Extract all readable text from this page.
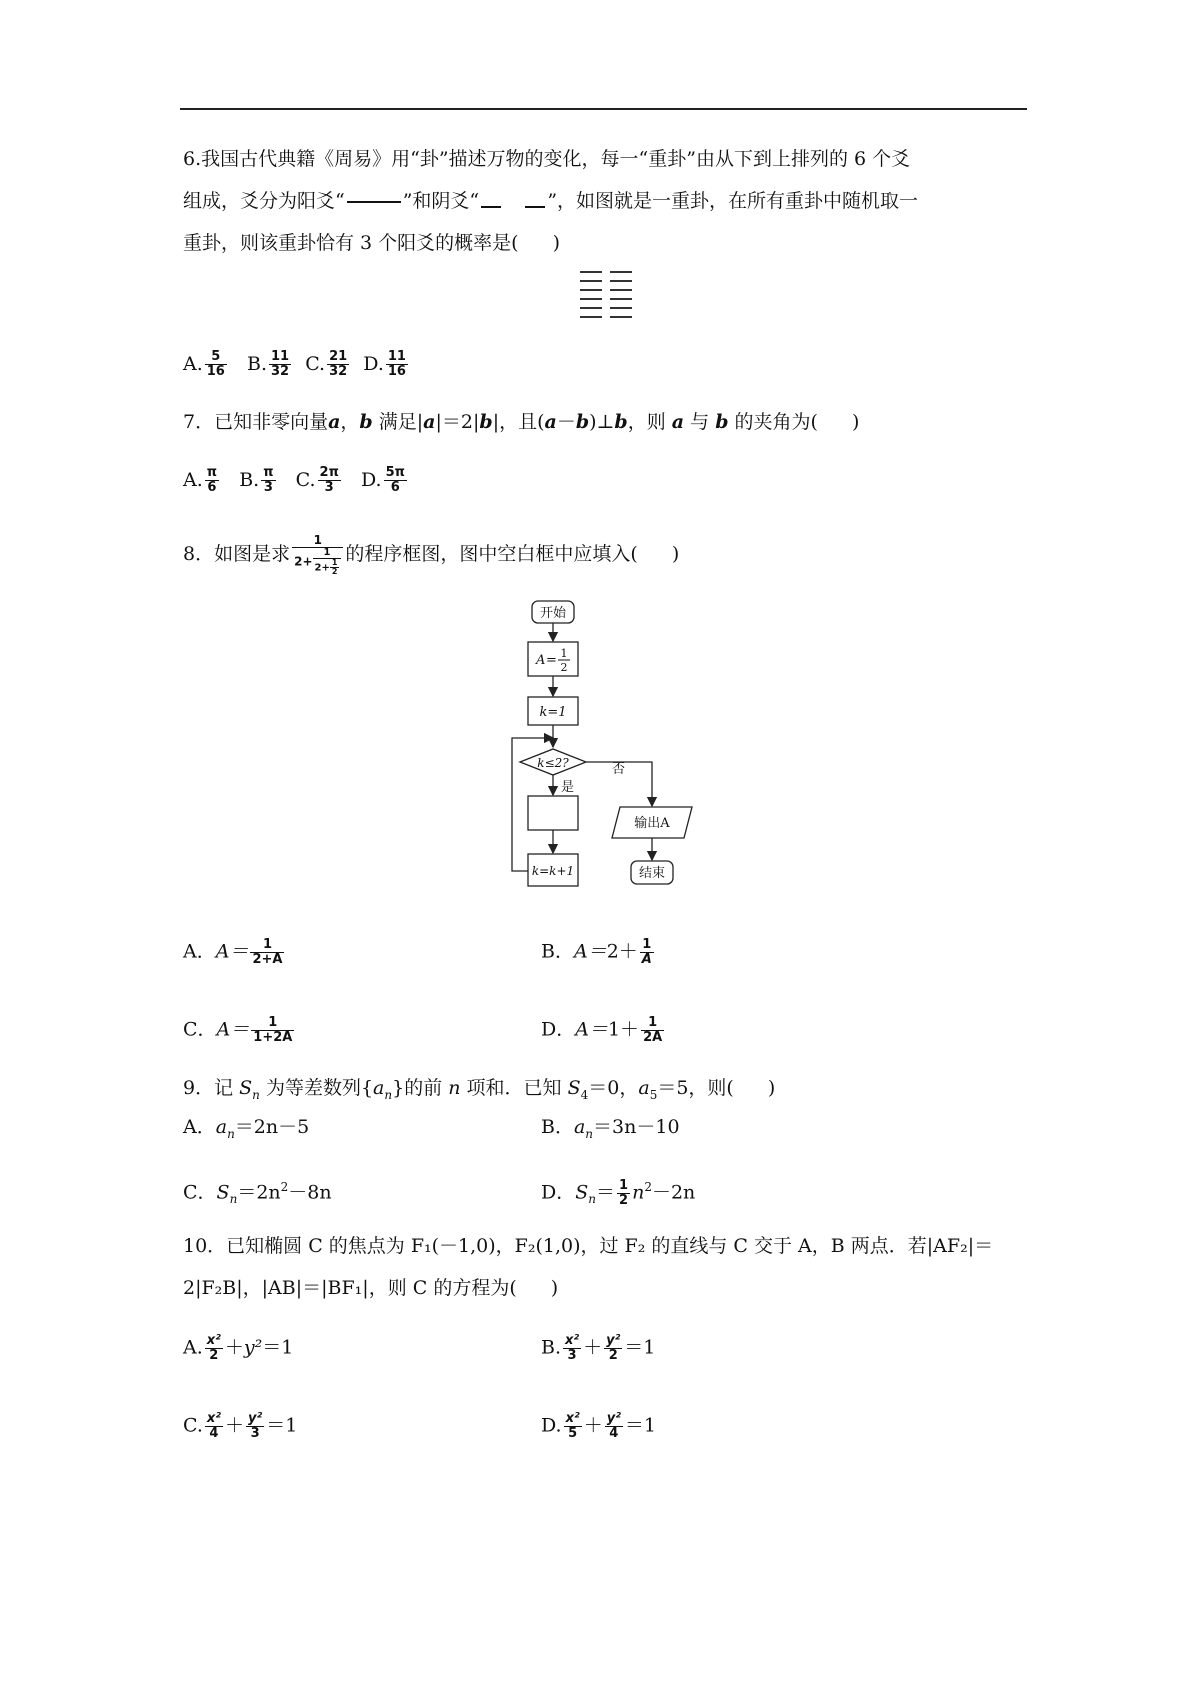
6.我国古代典籍《周易》用“卦”描述万物的变化，每一“重卦”由从下到上排列的 6 个爻
组成，爻分为阳爻“	”和阴爻“	”，如图就是一重卦，在所有重卦中随机取一
重卦，则该重卦恰有 3 个阳爻的概率是( )
A. $\frac{5}{16} B$. $\frac{11}{32} C$. $\frac{21}{32} D$. $\frac{11}{16}$
7．已知非零向量a，b 满足|a|＝2|b|，且(a－b)⊥b，则 a 与 b 的夹角为( )
A. $\frac{\pi}{6} B$. $\frac{\pi}{3} C$. $\frac{2\pi}{3} D$. $\frac{5\pi}{6}$
8．如图是求 $\frac{1}{2+ \frac{1}{2+ \frac{1}{2}}}$ 的程序框图，图中空白框中应填入( )
开始
A = 1
2
k=1
k≤2?	否
是
输出A
k=k+1	结束
A．$A= \frac{1}{2+A}$	B．$A=2+ \frac{1}{A}$
C．$A= \frac{1}{1+2A}$	D．$A=1+ \frac{1}{2A}$
9．记 $S_n$ 为等差数列$\{a_n\}$的前 n 项和．已知 $S_4=0$，$a_5=5$，则( )
A．$a_n=2n-5$	B．$a_n=3n-10$
C．$S_n=2n^2-8n$	D．$S_n= \frac{1}{2} n^2-2n$
10．已知椭圆 C 的焦点为 F₁(－1,0)，F₂(1,0)，过 F₂ 的直线与 C 交于 A，B 两点．若|AF₂|＝
2|F₂B|，|AB|＝|BF₁|，则 C 的方程为( )
A. $\frac{\text{x²}}{2} +y^2=1$	B. $\frac{\text{x²}}{3} + \frac{\text{y²}}{2} =1$
C. $\frac{\text{x²}}{4} + \frac{\text{y²}}{3} =1$	D. $\frac{\text{x²}}{5} + \frac{\text{y²}}{4} =1$
